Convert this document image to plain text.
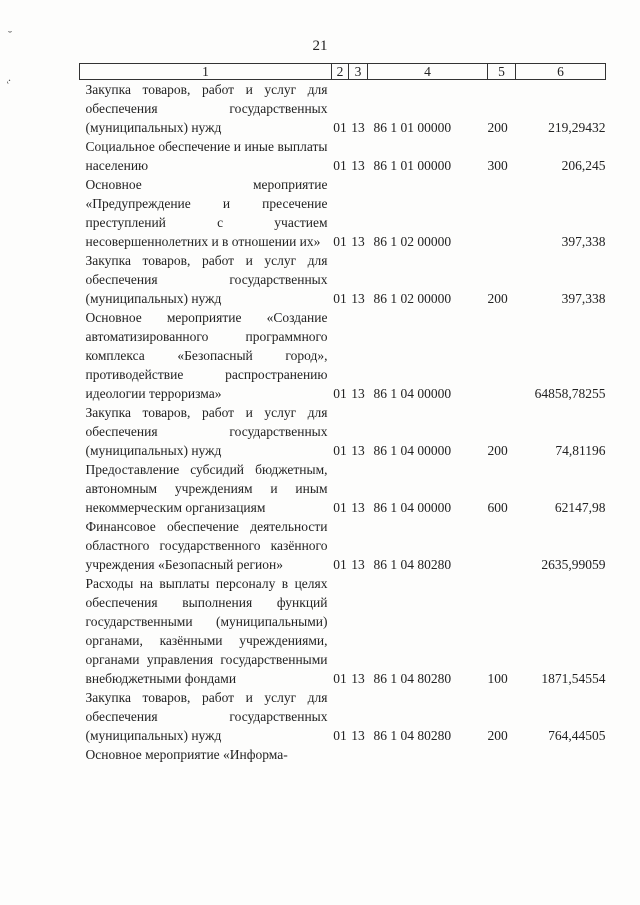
21
˘
ͅ.	1	2	3	4	5	6
Закупка товаров, работ и услуг для обеспечения государственных (муниципальных) нужд	01	13	86 1 01 00000	200	219,29432
Социальное обеспечение и иные выплаты населению	01	13	86 1 01 00000	300	206,245
Основное мероприятие «Предупреждение и пресечение преступлений с участием несовершеннолетних и в отношении их»	01	13	86 1 02 00000		397,338
Закупка товаров, работ и услуг для обеспечения государственных (муниципальных) нужд	01	13	86 1 02 00000	200	397,338
Основное мероприятие «Создание автоматизированного программного комплекса «Безопасный город», противодействие распространению идеологии терроризма»	01	13	86 1 04 00000		64858,78255
Закупка товаров, работ и услуг для обеспечения государственных (муниципальных) нужд	01	13	86 1 04 00000	200	74,81196
Предоставление субсидий бюджетным, автономным учреждениям и иным некоммерческим организациям	01	13	86 1 04 00000	600	62147,98
Финансовое обеспечение деятельности областного государственного казённого учреждения «Безопасный регион»	01	13	86 1 04 80280		2635,99059
Расходы на выплаты персоналу в целях обеспечения выполнения функций государственными (муниципальными) органами, казёнными учреждениями, органами управления государственными внебюджетными фондами	01	13	86 1 04 80280	100	1871,54554
Закупка товаров, работ и услуг для обеспечения государственных (муниципальных) нужд	01	13	86 1 04 80280	200	764,44505
Основное мероприятие «Информа-					
